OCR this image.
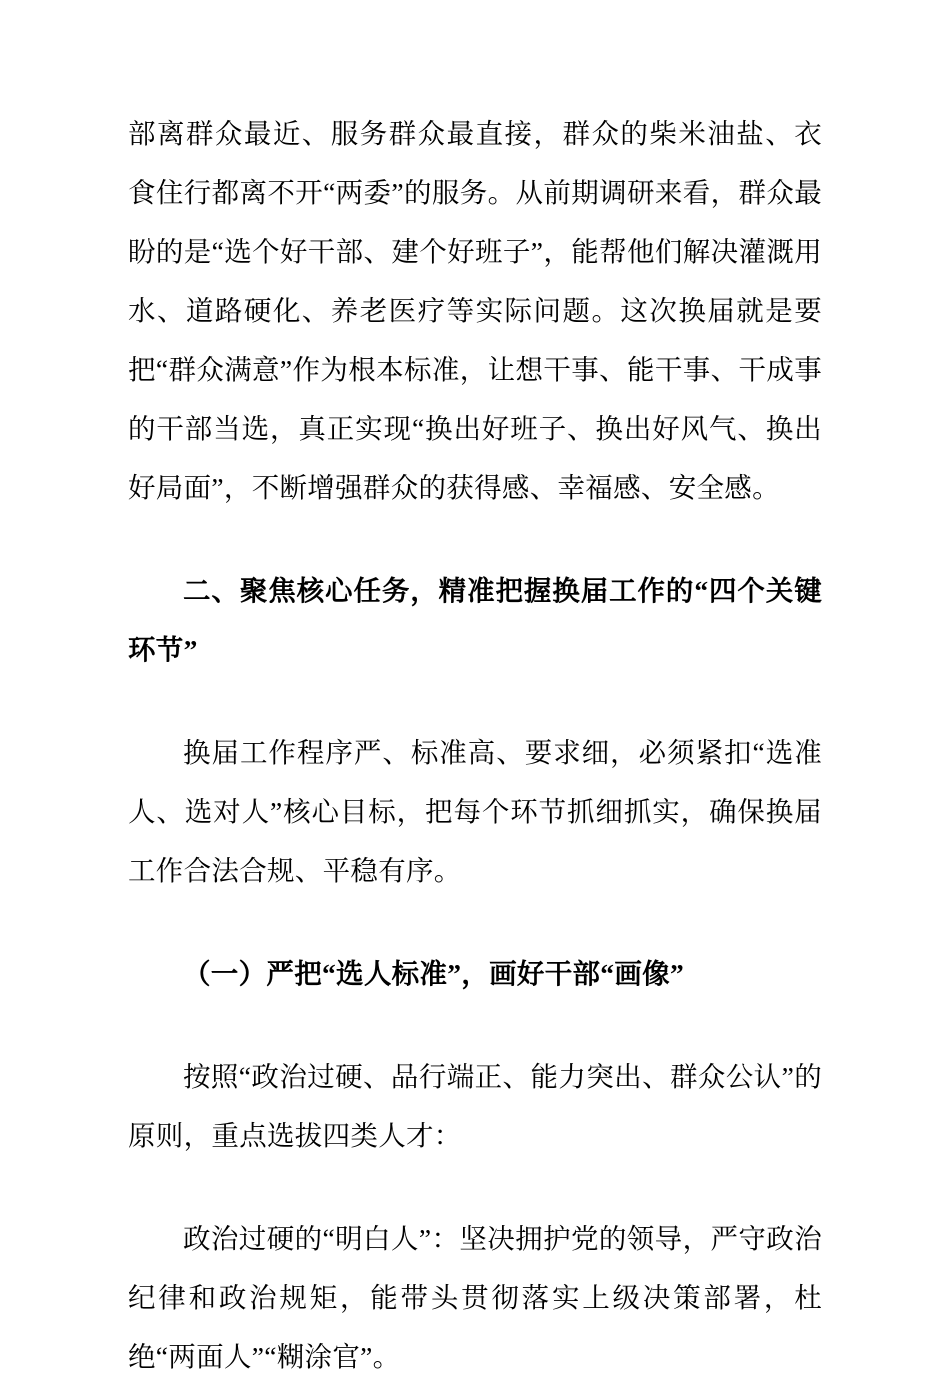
部离群众最近、服务群众最直接，群众的柴米油盐、衣食住行都离不开“两委”的服务。从前期调研来看，群众最盼的是“选个好干部、建个好班子”，能帮他们解决灌溉用水、道路硬化、养老医疗等实际问题。这次换届就是要把“群众满意”作为根本标准，让想干事、能干事、干成事的干部当选，真正实现“换出好班子、换出好风气、换出好局面”，不断增强群众的获得感、幸福感、安全感。

二、聚焦核心任务，精准把握换届工作的“四个关键环节”

换届工作程序严、标准高、要求细，必须紧扣“选准人、选对人”核心目标，把每个环节抓细抓实，确保换届工作合法合规、平稳有序。

（一）严把“选人标准”，画好干部“画像”

按照“政治过硬、品行端正、能力突出、群众公认”的原则，重点选拔四类人才：

政治过硬的“明白人”：坚决拥护党的领导，严守政治纪律和政治规矩，能带头贯彻落实上级决策部署，杜绝“两面人”“糊涂官”。
